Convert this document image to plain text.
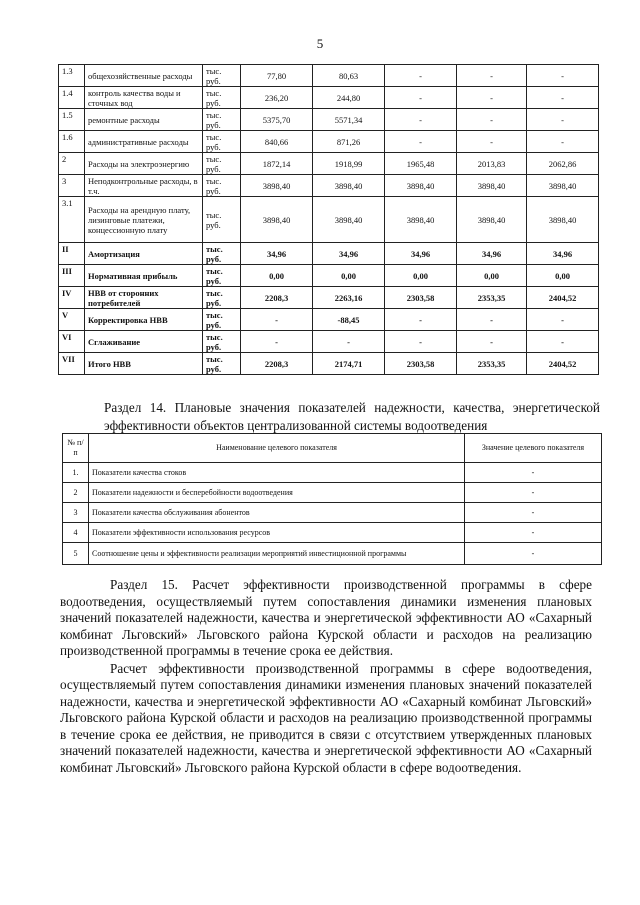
5
1.3	общехозяйственные расходы	тыс. руб.	77,80	80,63	-	-	-
1.4	контроль качества воды и сточных вод	тыс. руб.	236,20	244,80	-	-	-
1.5	ремонтные расходы	тыс. руб.	5375,70	5571,34	-	-	-
1.6	административные расходы	тыс. руб.	840,66	871,26	-	-	-
2	Расходы на электроэнергию	тыс. руб.	1872,14	1918,99	1965,48	2013,83	2062,86
3	Неподконтрольные расходы, в т.ч.	тыс. руб.	3898,40	3898,40	3898,40	3898,40	3898,40
3.1	Расходы на арендную плату, лизинговые платежи, концессионную плату	тыс. руб.	3898,40	3898,40	3898,40	3898,40	3898,40
II	Амортизация	тыс. руб.	34,96	34,96	34,96	34,96	34,96
III	Нормативная прибыль	тыс. руб.	0,00	0,00	0,00	0,00	0,00
IV	НВВ от сторонних потребителей	тыс. руб.	2208,3	2263,16	2303,58	2353,35	2404,52
V	Корректировка НВВ	тыс. руб.	-	-88,45	-	-	-
VI	Сглаживание	тыс. руб.	-	-	-	-	-
VII	Итого НВВ	тыс. руб.	2208,3	2174,71	2303,58	2353,35	2404,52
Раздел 14. Плановые значения показателей надежности, качества, энергетической эффективности объектов централизованной системы водоотведения
№ п/п	Наименование целевого показателя	Значение целевого показателя
1.	Показатели качества стоков	-
2	Показатели надежности и бесперебойности водоотведения	-
3	Показатели качества обслуживания абонентов	-
4	Показатели эффективности использования ресурсов	-
5	Соотношение цены и эффективности реализации мероприятий инвестиционной программы	-

Раздел 15. Расчет эффективности производственной программы в сфере водоотведения, осуществляемый путем сопоставления динамики изменения плановых значений показателей надежности, качества и энергетической эффективности АО «Сахарный комбинат Льговский» Льговского района Курской области и расходов на реализацию производственной программы в течение срока ее действия.

Расчет эффективности производственной программы в сфере водоотведения, осуществляемый путем сопоставления динамики изменения плановых значений показателей надежности, качества и энергетической эффективности АО «Сахарный комбинат Льговский» Льговского района Курской области и расходов на реализацию производственной программы в течение срока ее действия, не приводится в связи с отсутствием утвержденных плановых значений показателей надежности, качества и энергетической эффективности АО «Сахарный комбинат Льговский» Льговского района Курской области в сфере водоотведения.
